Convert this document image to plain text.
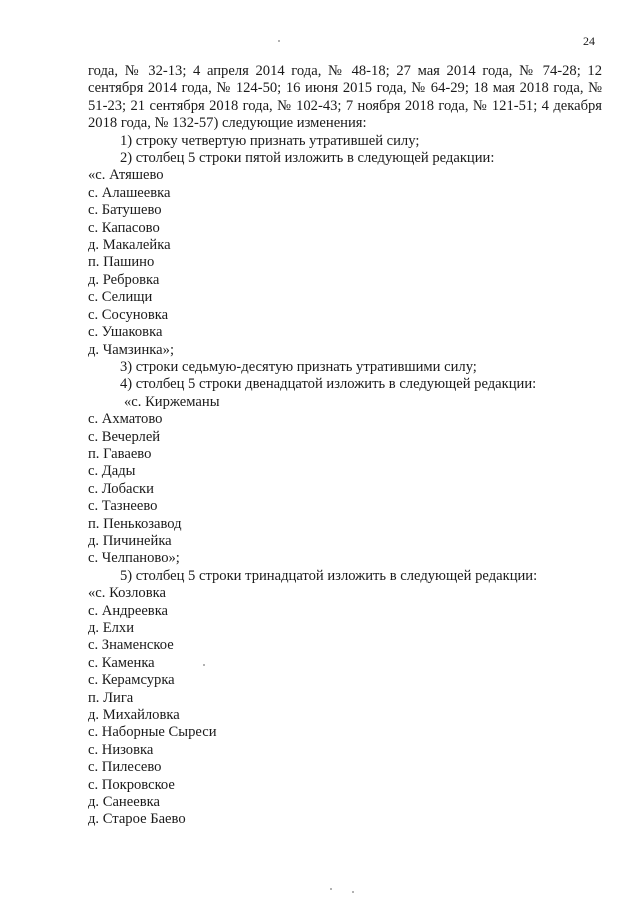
24

года, № 32-13; 4 апреля 2014 года, № 48-18; 27 мая 2014 года, № 74-28; 12 сентября 2014 года, № 124-50; 16 июня 2015 года, № 64-29; 18 мая 2018 года, № 51-23; 21 сентября 2018 года, № 102-43; 7 ноября 2018 года, № 121-51; 4 декабря 2018 года, № 132-57) следующие изменения:

1) строку четвертую признать утратившей силу;
2) столбец 5 строки пятой изложить в следующей редакции:
«с. Атяшево
с. Алашеевка
с. Батушево
с. Капасово
д. Макалейка
п. Пашино
д. Ребровка
с. Селищи
с. Сосуновка
с. Ушаковка
д. Чамзинка»;
3) строки седьмую-десятую признать утратившими силу;
4) столбец 5 строки двенадцатой изложить в следующей редакции:
«с. Киржеманы
с. Ахматово
с. Вечерлей
п. Гаваево
с. Дады
с. Лобаски
с. Тазнеево
п. Пенькозавод
д. Пичинейка
с. Челпаново»;
5) столбец 5 строки тринадцатой изложить в следующей редакции:
«с. Козловка
с. Андреевка
д. Елхи
с. Знаменское
с. Каменка
с. Керамсурка
п. Лига
д. Михайловка
с. Наборные Сыреси
с. Низовка
с. Пилесево
с. Покровское
д. Санеевка
д. Старое Баево
